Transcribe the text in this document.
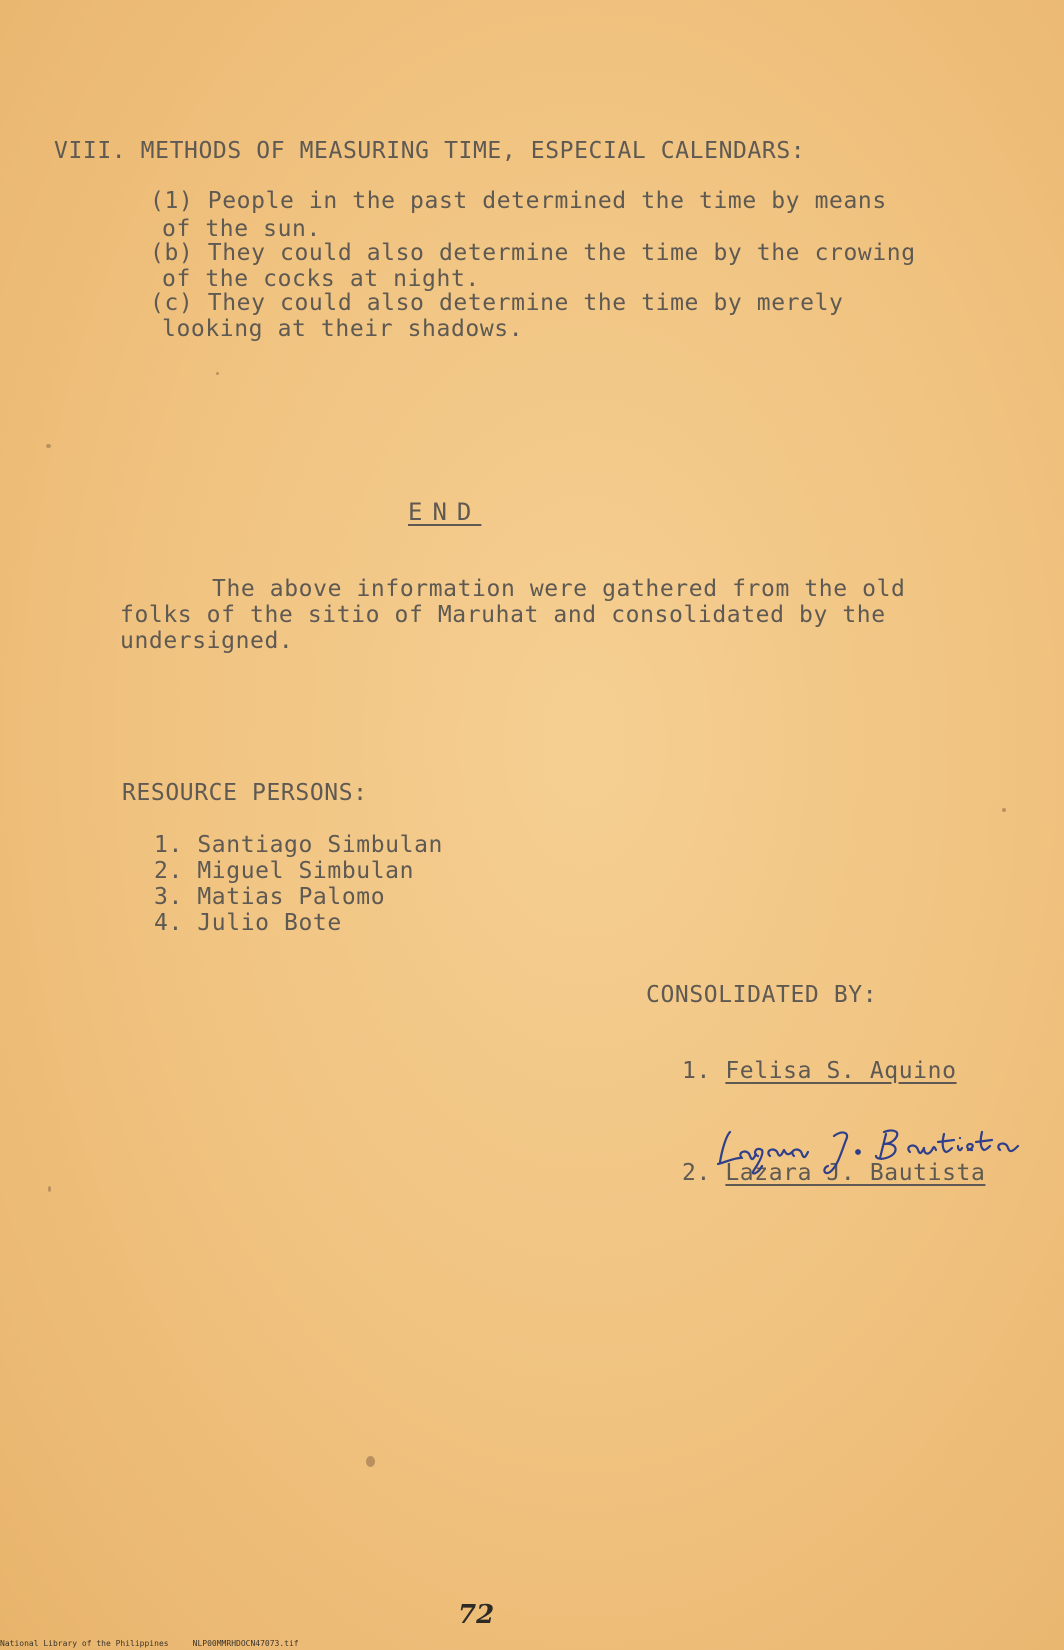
VIII. METHODS OF MEASURING TIME, ESPECIAL CALENDARS:
(1) People in the past determined the time by means
of the sun.
(b) They could also determine the time by the crowing
of the cocks at night.
(c) They could also determine the time by merely
looking at their shadows.
END
The above information were gathered from the old
folks of the sitio of Maruhat and consolidated by the
undersigned.
RESOURCE PERSONS:
1. Santiago Simbulan
2. Miguel Simbulan
3. Matias Palomo
4. Julio Bote
CONSOLIDATED BY:
1. Felisa S. Aquino
2. Lazara J. Bautista
72
National Library of the Philippines     NLP00MMRHDOCN47073.tif
